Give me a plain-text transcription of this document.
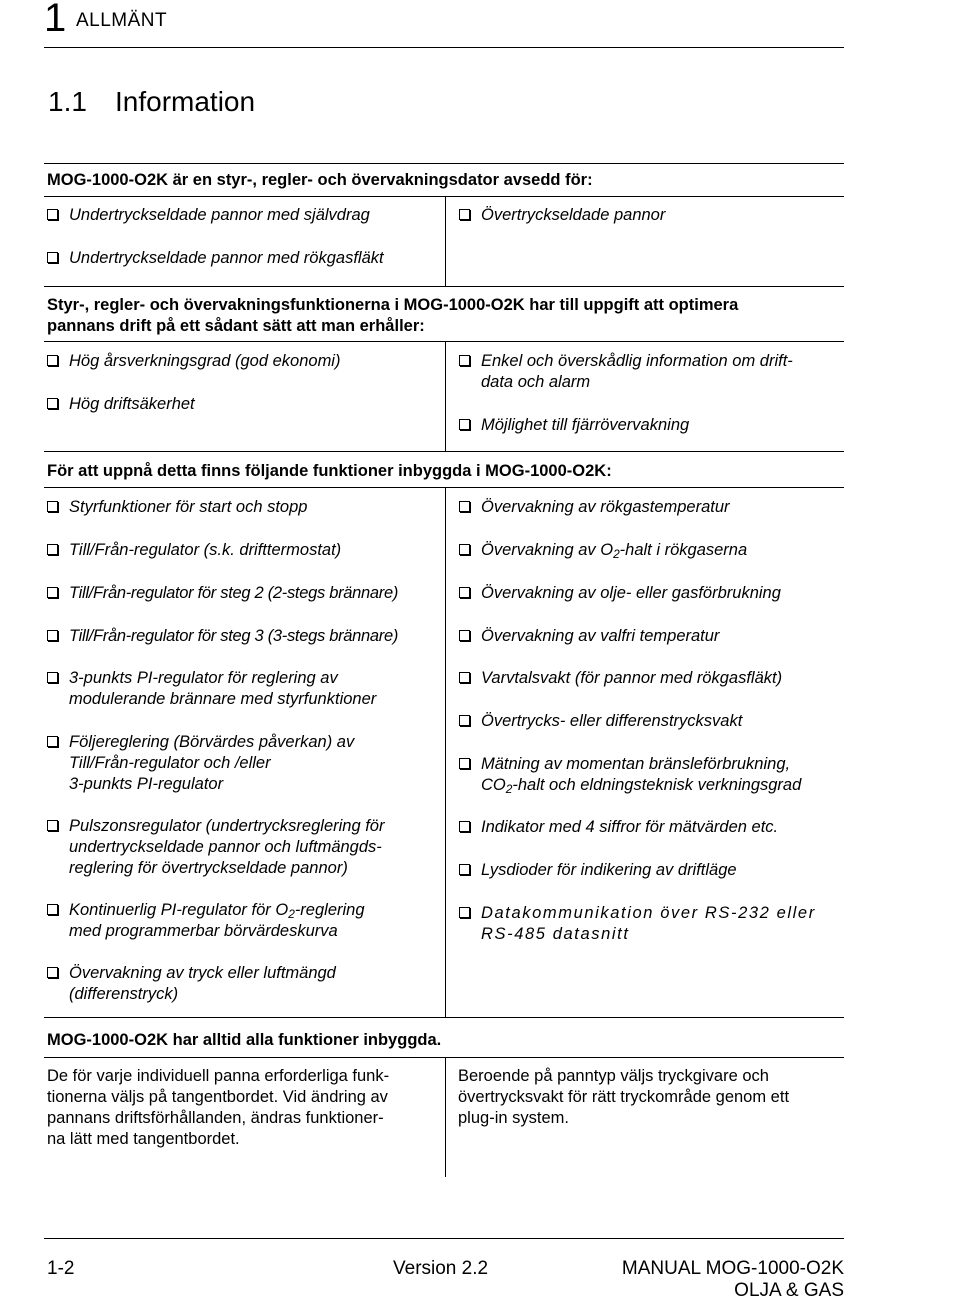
1 ALLMÄNT
1.1 Information
MOG-1000-O2K är en styr-, regler- och övervakningsdator avsedd för:
Undertryckseldade pannor med självdrag
Undertryckseldade pannor med rökgasfläkt
Övertryckseldade pannor
Styr-, regler- och övervakningsfunktionerna i MOG-1000-O2K har till uppgift att optimera
pannans drift på ett sådant sätt att man erhåller:
Hög årsverkningsgrad (god ekonomi)
Hög driftsäkerhet
Enkel och överskådlig information om drift-
data och alarm
Möjlighet till fjärrövervakning
För att uppnå detta finns följande funktioner inbyggda i MOG-1000-O2K:
Styrfunktioner för start och stopp
Till/Från-regulator (s.k. drifttermostat)
Till/Från-regulator för steg 2 (2-stegs brännare)
Till/Från-regulator för steg 3 (3-stegs brännare)
3-punkts PI-regulator för reglering av
modulerande brännare med styrfunktioner
Följereglering (Börvärdes påverkan) av
Till/Från-regulator och /eller
3-punkts PI-regulator
Pulszonsregulator (undertrycksreglering för
undertryckseldade pannor och luftmängds-
reglering för övertryckseldade pannor)
Kontinuerlig PI-regulator för $O_2$-reglering
med programmerbar börvärdeskurva
Övervakning av tryck eller luftmängd
(differenstryck)
Övervakning av rökgastemperatur
Övervakning av $O_2$-halt i rökgaserna
Övervakning av olje- eller gasförbrukning
Övervakning av valfri temperatur
Varvtalsvakt (för pannor med rökgasfläkt)
Övertrycks- eller differenstrycksvakt
Mätning av momentan bränsleförbrukning,
$CO_2$-halt och eldningsteknisk verkningsgrad
Indikator med 4 siffror för mätvärden etc.
Lysdioder för indikering av driftläge
Datakommunikation över RS-232 eller
RS-485 datasnitt
MOG-1000-O2K har alltid alla funktioner inbyggda.
De för varje individuell panna erforderliga funk-
tionerna väljs på tangentbordet. Vid ändring av
pannans driftsförhållanden, ändras funktioner-
na lätt med tangentbordet.
Beroende på panntyp väljs tryckgivare och
övertrycksvakt för rätt tryckområde genom ett
plug-in system.
1-2	Version 2.2	MANUAL MOG-1000-O2K
OLJA & GAS
